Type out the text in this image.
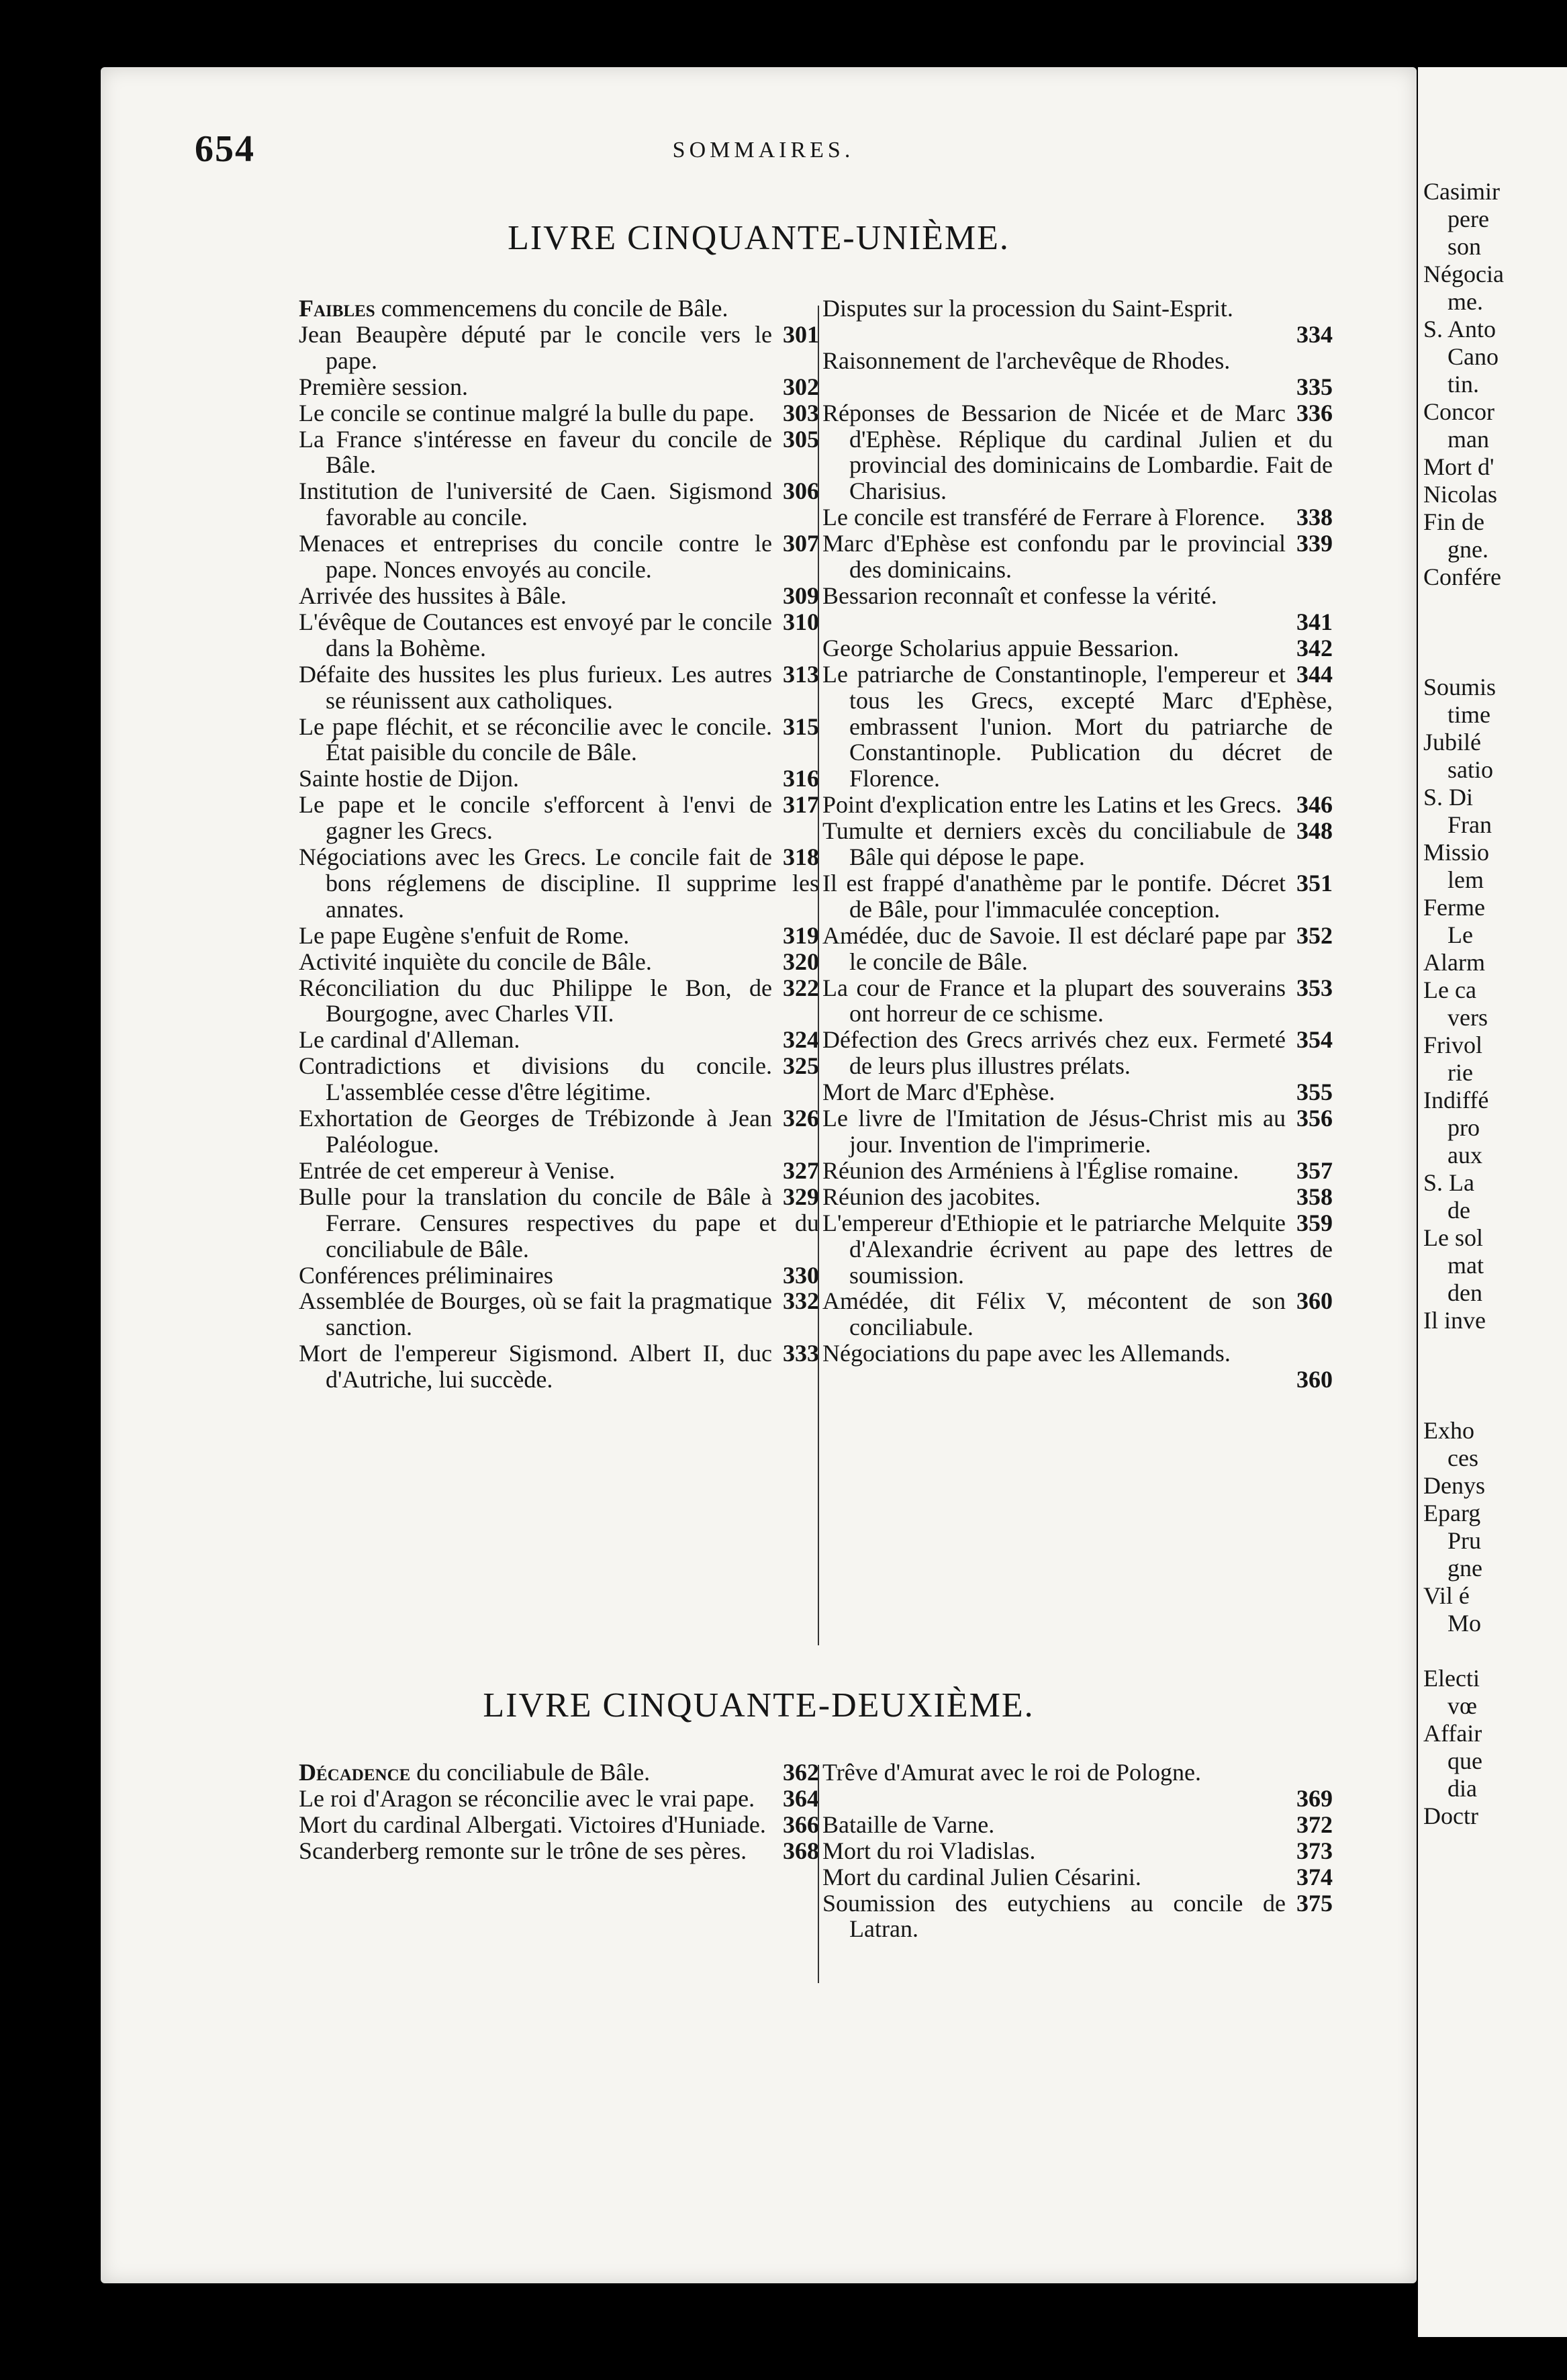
654	SOMMAIRES.
LIVRE CINQUANTE-UNIÈME.
Faibles commencemens du concile de Bâle.
301
Jean Beaupère député par le concile vers le pape.
302
Première session.
303
Le concile se continue malgré la bulle du pape.
305
La France s'intéresse en faveur du concile de Bâle.
306
Institution de l'université de Caen. Sigismond favorable au concile.
307
Menaces et entreprises du concile contre le pape. Nonces envoyés au concile.
309
Arrivée des hussites à Bâle.
310
L'évêque de Coutances est envoyé par le concile dans la Bohème.
313
Défaite des hussites les plus furieux. Les autres se réunissent aux catholiques.
315
Le pape fléchit, et se réconcilie avec le concile. État paisible du concile de Bâle.
316
Sainte hostie de Dijon.
317
Le pape et le concile s'efforcent à l'envi de gagner les Grecs.
318
Négociations avec les Grecs. Le concile fait de bons réglemens de discipline. Il supprime les annates.
319
Le pape Eugène s'enfuit de Rome.
320
Activité inquiète du concile de Bâle.
322
Réconciliation du duc Philippe le Bon, de Bourgogne, avec Charles VII.
324
Le cardinal d'Alleman.
325
Contradictions et divisions du concile. L'assemblée cesse d'être légitime.
326
Exhortation de Georges de Trébizonde à Jean Paléologue.
327
Entrée de cet empereur à Venise.
329
Bulle pour la translation du concile de Bâle à Ferrare. Censures respectives du pape et du conciliabule de Bâle.
330
Conférences préliminaires
332
Assemblée de Bourges, où se fait la pragmatique sanction.
333
Mort de l'empereur Sigismond. Albert II, duc d'Autriche, lui succède.
Disputes sur la procession du Saint-Esprit.
334
Raisonnement de l'archevêque de Rhodes.
335
336
Réponses de Bessarion de Nicée et de Marc d'Ephèse. Réplique du cardinal Julien et du provincial des dominicains de Lombardie. Fait de Charisius.
338
Le concile est transféré de Ferrare à Florence.
339
Marc d'Ephèse est confondu par le provincial des dominicains.
Bessarion reconnaît et confesse la vérité.
341
342
George Scholarius appuie Bessarion.
344
Le patriarche de Constantinople, l'empereur et tous les Grecs, excepté Marc d'Ephèse, embrassent l'union. Mort du patriarche de Constantinople. Publication du décret de Florence.
346
Point d'explication entre les Latins et les Grecs.
348
Tumulte et derniers excès du conciliabule de Bâle qui dépose le pape.
351
Il est frappé d'anathème par le pontife. Décret de Bâle, pour l'immaculée conception.
352
Amédée, duc de Savoie. Il est déclaré pape par le concile de Bâle.
353
La cour de France et la plupart des souverains ont horreur de ce schisme.
354
Défection des Grecs arrivés chez eux. Fermeté de leurs plus illustres prélats.
355
Mort de Marc d'Ephèse.
356
Le livre de l'Imitation de Jésus-Christ mis au jour. Invention de l'imprimerie.
357
Réunion des Arméniens à l'Église romaine.
358
Réunion des jacobites.
359
L'empereur d'Ethiopie et le patriarche Melquite d'Alexandrie écrivent au pape des lettres de soumission.
360
Amédée, dit Félix V, mécontent de son conciliabule.
Négociations du pape avec les Allemands.
360
LIVRE CINQUANTE-DEUXIÈME.
362
Décadence du conciliabule de Bâle.
364
Le roi d'Aragon se réconcilie avec le vrai pape.
366
Mort du cardinal Albergati. Victoires d'Huniade.
368
Scanderberg remonte sur le trône de ses pères.
Trêve d'Amurat avec le roi de Pologne.
369
372
Bataille de Varne.
373
Mort du roi Vladislas.
374
Mort du cardinal Julien Césarini.
375
Soumission des eutychiens au concile de Latran.
Casimir
 pere
 son
Négocia
 me.
S. Anto
 Cano
 tin.
Concor
 man
Mort d'
Nicolas
Fin de
 gne.
Confére
Soumis
 time
Jubilé
 satio
S. Di
 Fran
Missio
 lem
Ferme
 Le
Alarm
Le ca
 vers
Frivol
 rie
Indiffé
 pro
 aux
S. La
 de
Le sol
 mat
 den
Il inve
Exho
 ces
Denys
Eparg
 Pru
 gne
Vil é
 Mo
Electi
 vœ
Affair
 que
 dia
Doctr
